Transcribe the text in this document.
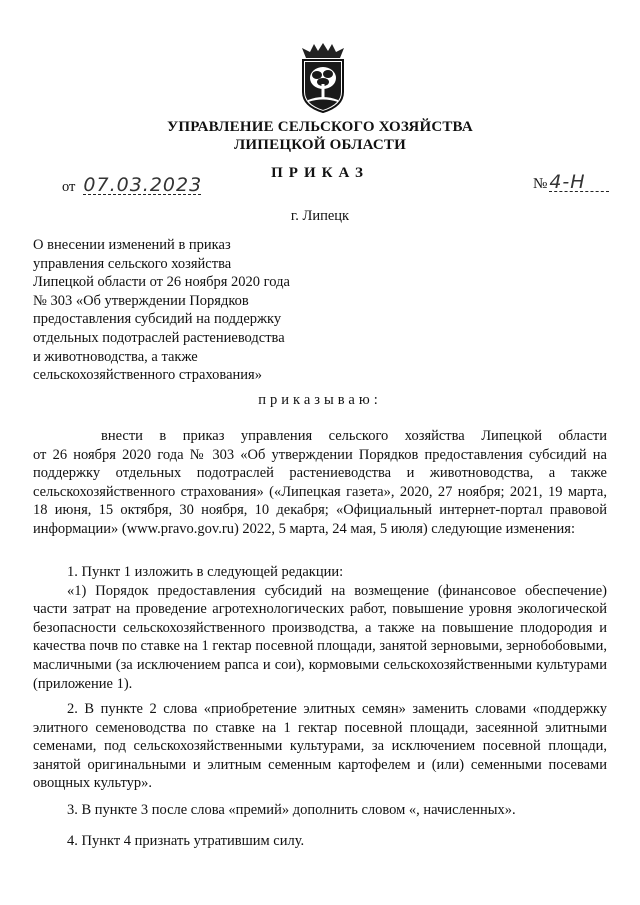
УПРАВЛЕНИЕ СЕЛЬСКОГО ХОЗЯЙСТВА
ЛИПЕЦКОЙ ОБЛАСТИ
ПРИКАЗ
от 07.03.2023	№ 4-Н
г. Липецк
О внесении изменений в приказ
управления сельского хозяйства
Липецкой области от 26 ноября 2020 года
№ 303 «Об утверждении Порядков
предоставления субсидий на поддержку
отдельных подотраслей растениеводства
и животноводства, а также
сельскохозяйственного страхования»
приказываю:
внести в приказ управления сельского хозяйства Липецкой области
от 26 ноября 2020 года № 303 «Об утверждении Порядков предоставления субсидий на поддержку отдельных подотраслей растениеводства и животноводства, а также сельскохозяйственного страхования» («Липецкая газета», 2020, 27 ноября; 2021, 19 марта, 18 июня, 15 октября, 30 ноября, 10 декабря; «Официальный интернет-портал правовой информации» (www.pravo.gov.ru) 2022, 5 марта, 24 мая, 5 июля) следующие изменения:
1. Пункт 1 изложить в следующей редакции:
«1) Порядок предоставления субсидий на возмещение (финансовое обеспечение) части затрат на проведение агротехнологических работ, повышение уровня экологической безопасности сельскохозяйственного производства, а также на повышение плодородия и качества почв по ставке на 1 гектар посевной площади, занятой зерновыми, зернобобовыми, масличными (за исключением рапса и сои), кормовыми сельскохозяйственными культурами (приложение 1).
2. В пункте 2 слова «приобретение элитных семян» заменить словами «поддержку элитного семеноводства по ставке на 1 гектар посевной площади, засеянной элитными семенами, под сельскохозяйственными культурами, за исключением посевной площади, занятой оригинальными и элитным семенным картофелем и (или) семенными посевами овощных культур».
3. В пункте 3 после слова «премий» дополнить словом «, начисленных».
4. Пункт 4 признать утратившим силу.
